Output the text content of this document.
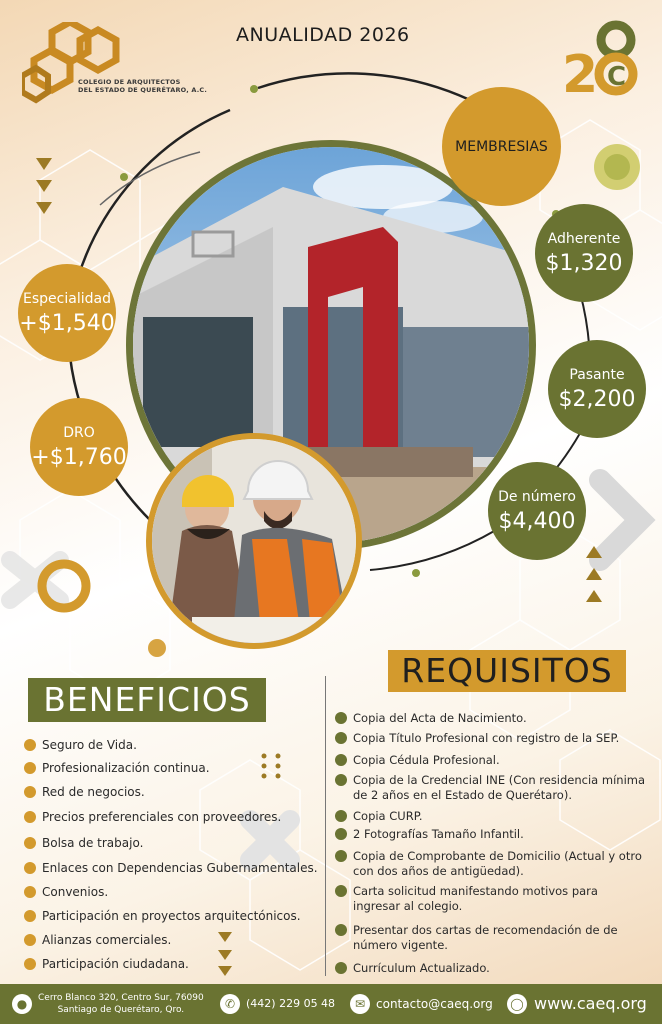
COLEGIO DE ARQUITECTOS
DEL ESTADO DE QUERÉTARO, A.C.
ANUALIDAD 2026
2 C
MEMBRESIAS
Adherente
$1,320
Pasante
$2,200
De número
$4,400
Especialidad
+$1,540
DRO
+$1,760
BENEFICIOS
REQUISITOS
Seguro de Vida.
Profesionalización continua.
Red de negocios.
Precios preferenciales con proveedores.
Bolsa de trabajo.
Enlaces con Dependencias Gubernamentales.
Convenios.
Participación en proyectos arquitectónicos.
Alianzas comerciales.
Participación ciudadana.
Copia del Acta de Nacimiento.
Copia Título Profesional con registro de la SEP.
Copia Cédula Profesional.
Copia de la Credencial INE (Con residencia mínima de 2 años en el Estado de Querétaro).
Copia CURP.
2 Fotografías Tamaño Infantil.
Copia de Comprobante de Domicilio (Actual y otro con dos años de antigüedad).
Carta solicitud manifestando motivos para ingresar al colegio.
Presentar dos cartas de recomendación de de número vigente.
Currículum Actualizado.
●	Cerro Blanco 320, Centro Sur, 76090
Santiago de Querétaro, Qro.	✆ (442) 229 05 48	✉ contacto@caeq.org ◯ www.caeq.org
